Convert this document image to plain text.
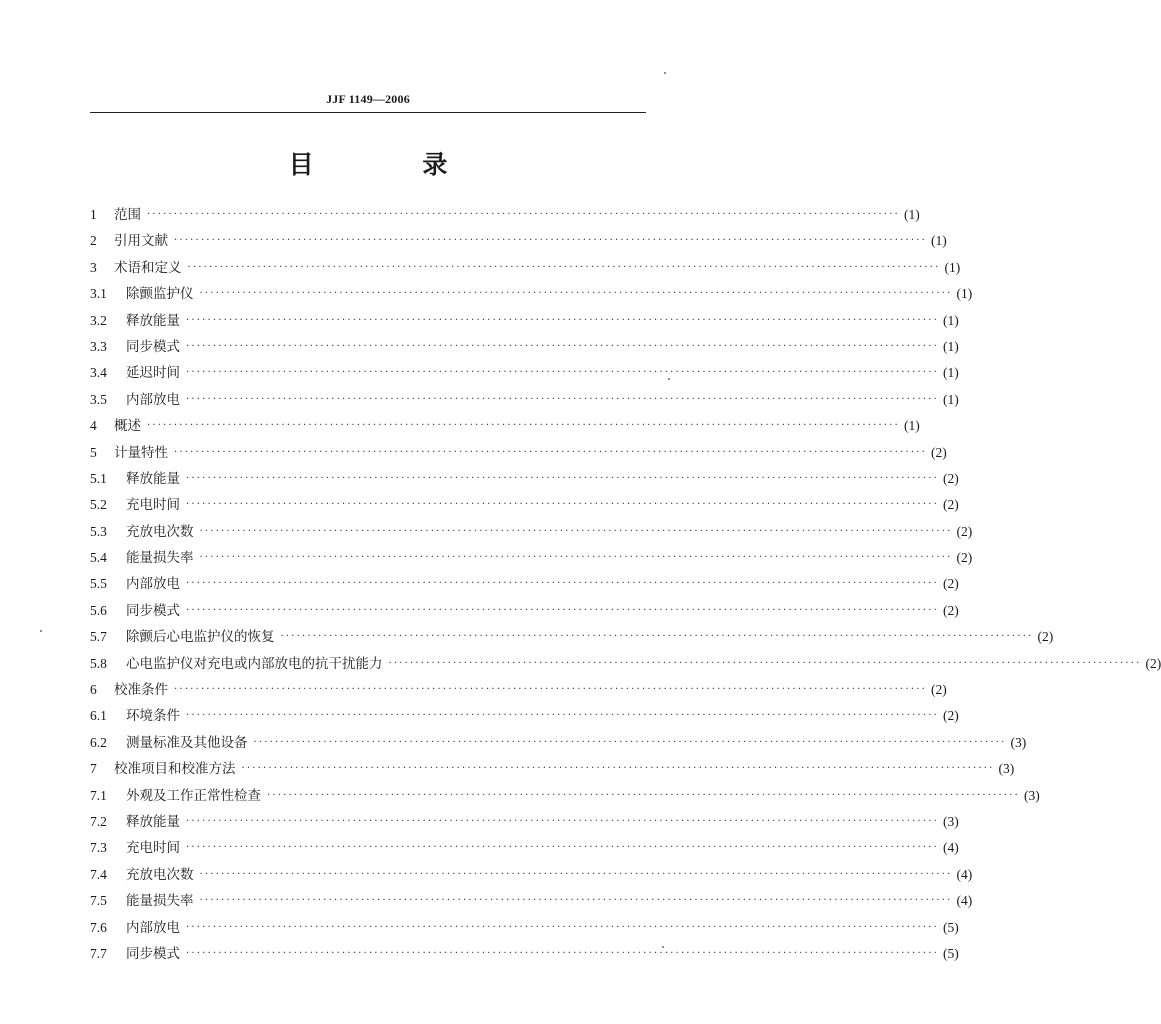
JJF 1149—2006
目 录
1	范围 ············································································································································ (1)
2	引用文献 ············································································································································ (1)
3	术语和定义 ············································································································································ (1)
3.1	除颤监护仪 ············································································································································ (1)
3.2	释放能量 ············································································································································ (1)
3.3	同步模式 ············································································································································ (1)
3.4	延迟时间 ············································································································································ (1)
3.5	内部放电 ············································································································································ (1)
4	概述 ············································································································································ (1)
5	计量特性 ············································································································································ (2)
5.1	释放能量 ············································································································································ (2)
5.2	充电时间 ············································································································································ (2)
5.3	充放电次数 ············································································································································ (2)
5.4	能量损失率 ············································································································································ (2)
5.5	内部放电 ············································································································································ (2)
5.6	同步模式 ············································································································································ (2)
5.7	除颤后心电监护仪的恢复 ············································································································································ (2)
5.8	心电监护仪对充电或内部放电的抗干扰能力 ············································································································································ (2)
6	校准条件 ············································································································································ (2)
6.1	环境条件 ············································································································································ (2)
6.2	测量标准及其他设备 ············································································································································ (3)
7	校准项目和校准方法 ············································································································································ (3)
7.1	外观及工作正常性检查 ············································································································································ (3)
7.2	释放能量 ············································································································································ (3)
7.3	充电时间 ············································································································································ (4)
7.4	充放电次数 ············································································································································ (4)
7.5	能量损失率 ············································································································································ (4)
7.6	内部放电 ············································································································································ (5)
7.7	同步模式 ············································································································································ (5)
